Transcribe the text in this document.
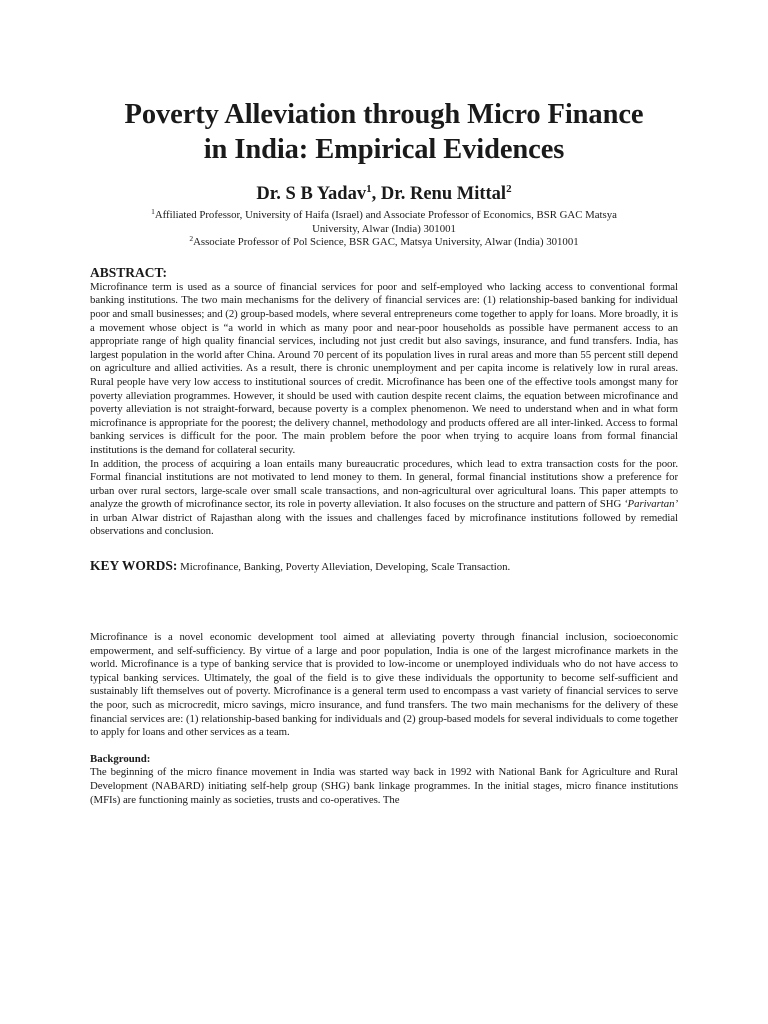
Poverty Alleviation through Micro Finance
in India: Empirical Evidences
Dr. S B Yadav$^1$, Dr. Renu Mittal$^2$
$^1$Affiliated Professor, University of Haifa (Israel) and Associate Professor of Economics, BSR GAC Matsya
University, Alwar (India) 301001
$^2$Associate Professor of Pol Science, BSR GAC, Matsya University, Alwar (India) 301001
ABSTRACT:

Microfinance term is used as a source of financial services for poor and self-employed who lacking access to conventional formal banking institutions. The two main mechanisms for the delivery of financial services are: (1) relationship-based banking for individual poor and small businesses; and (2) group-based models, where several entrepreneurs come together to apply for loans. More broadly, it is a movement whose object is “a world in which as many poor and near-poor households as possible have permanent access to an appropriate range of high quality financial services, including not just credit but also savings, insurance, and fund transfers. India, has largest population in the world after China. Around 70 percent of its population lives in rural areas and more than 55 percent still depend on agriculture and allied activities. As a result, there is chronic unemployment and per capita income is relatively low in rural areas. Rural people have very low access to institutional sources of credit. Microfinance has been one of the effective tools amongst many for poverty alleviation programmes. However, it should be used with caution despite recent claims, the equation between microfinance and poverty alleviation is not straight-forward, because poverty is a complex phenomenon. We need to understand when and in what form microfinance is appropriate for the poorest; the delivery channel, methodology and products offered are all inter-linked. Access to formal banking services is difficult for the poor. The main problem before the poor when trying to acquire loans from formal financial institutions is the demand for collateral security.

In addition, the process of acquiring a loan entails many bureaucratic procedures, which lead to extra transaction costs for the poor. Formal financial institutions are not motivated to lend money to them. In general, formal financial institutions show a preference for urban over rural sectors, large-scale over small scale transactions, and non-agricultural over agricultural loans. This paper attempts to analyze the growth of microfinance sector, its role in poverty alleviation. It also focuses on the structure and pattern of SHG ‘Parivartan’ in urban Alwar district of Rajasthan along with the issues and challenges faced by microfinance institutions followed by remedial observations and conclusion.

KEY WORDS: Microfinance, Banking, Poverty Alleviation, Developing, Scale Transaction.

Microfinance is a novel economic development tool aimed at alleviating poverty through financial inclusion, socioeconomic empowerment, and self-sufficiency. By virtue of a large and poor population, India is one of the largest microfinance markets in the world. Microfinance is a type of banking service that is provided to low-income or unemployed individuals who do not have access to typical banking services. Ultimately, the goal of the field is to give these individuals the opportunity to become self-sufficient and sustainably lift themselves out of poverty. Microfinance is a general term used to encompass a vast variety of financial services to serve the poor, such as microcredit, micro savings, micro insurance, and fund transfers. The two main mechanisms for the delivery of these financial services are: (1) relationship-based banking for individuals and (2) group-based models for several individuals to come together to apply for loans and other services as a team.

Background:

The beginning of the micro finance movement in India was started way back in 1992 with National Bank for Agriculture and Rural Development (NABARD) initiating self-help group (SHG) bank linkage programmes. In the initial stages, micro finance institutions (MFIs) are functioning mainly as societies, trusts and co-operatives. The
